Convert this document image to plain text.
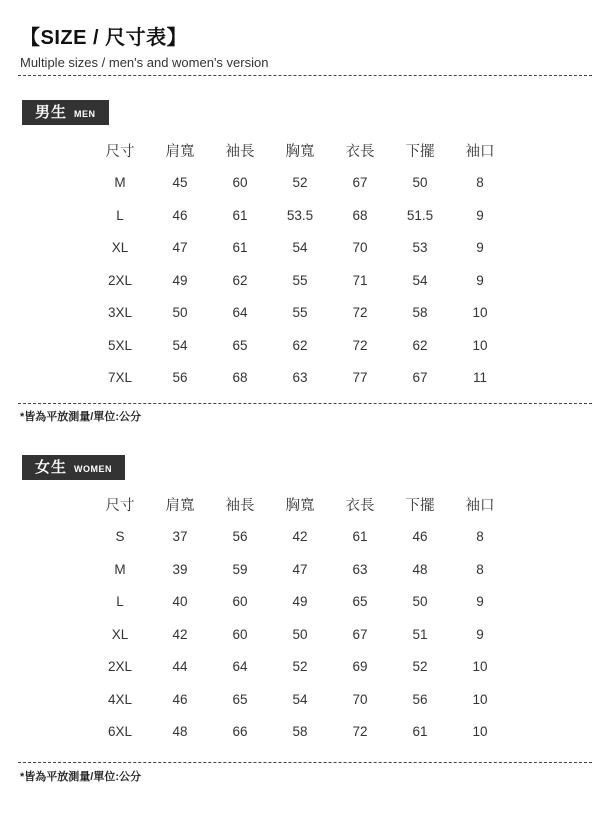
【SIZE / 尺寸表】

Multiple sizes / men's and women's version

男生 MEN
尺寸	肩寬	袖長	胸寬	衣長	下擺	袖口
M	45	60	52	67	50	8
L	46	61	53.5	68	51.5	9
XL	47	61	54	70	53	9
2XL	49	62	55	71	54	9
3XL	50	64	55	72	58	10
5XL	54	65	62	72	62	10
7XL	56	68	63	77	67	11

*皆為平放測量/單位:公分

女生 WOMEN
尺寸	肩寬	袖長	胸寬	衣長	下擺	袖口
S	37	56	42	61	46	8
M	39	59	47	63	48	8
L	40	60	49	65	50	9
XL	42	60	50	67	51	9
2XL	44	64	52	69	52	10
4XL	46	65	54	70	56	10
6XL	48	66	58	72	61	10

*皆為平放測量/單位:公分
